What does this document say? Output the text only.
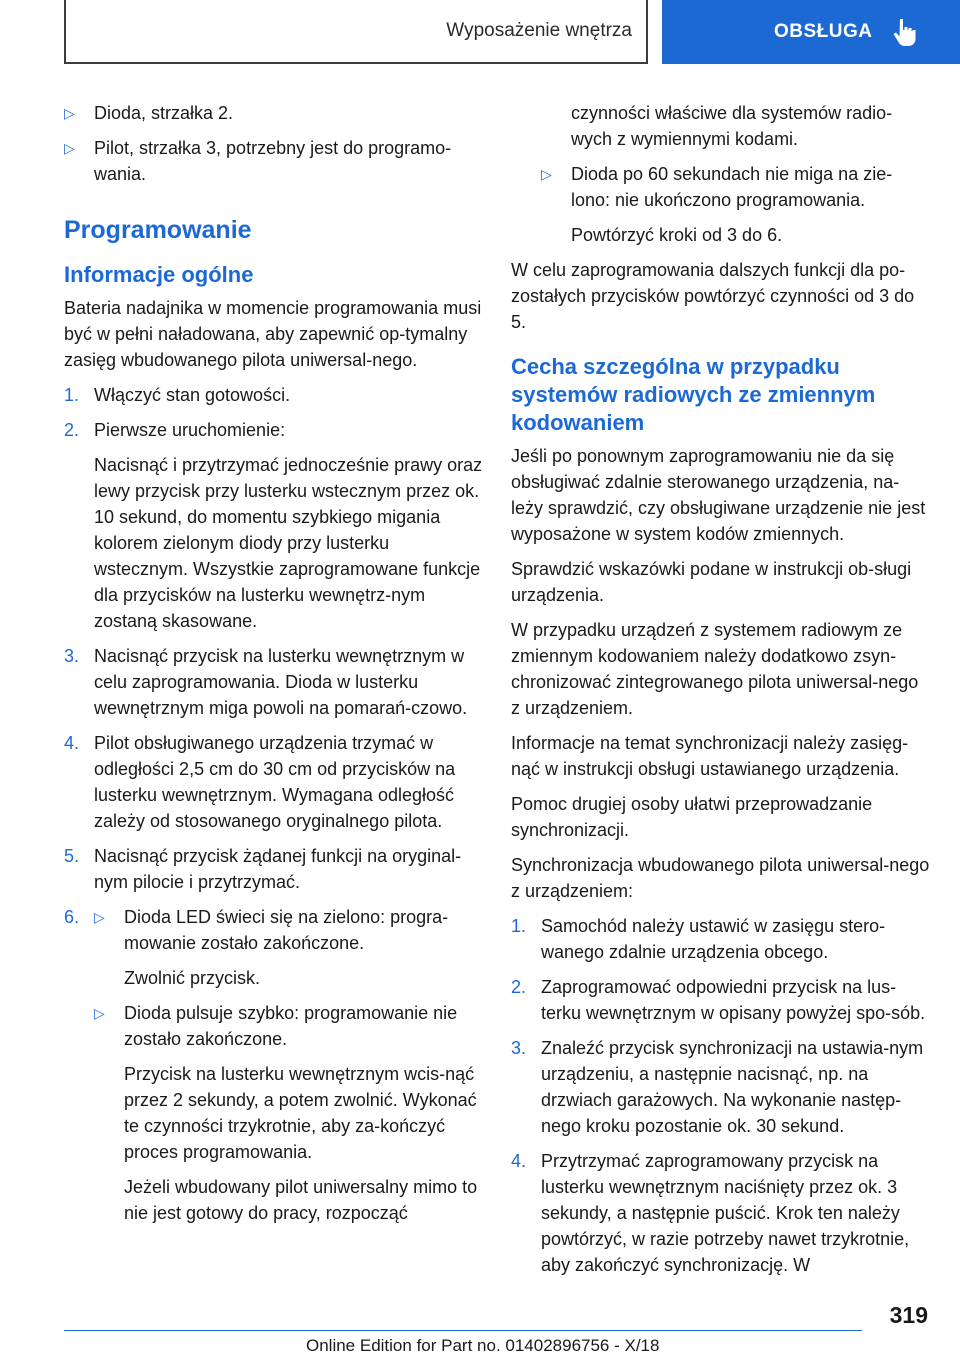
Wyposażenie wnętrza	OBSŁUGA
▷ Dioda, strzałka 2.
▷ Pilot, strzałka 3, potrzebny jest do programo-
wania.
Programowanie
Informacje ogólne

Bateria nadajnika w momencie programowania musi być w pełni naładowana, aby zapewnić op-tymalny zasięg wbudowanego pilota uniwersal-nego.

1. Włączyć stan gotowości.
2. Pierwsze uruchomienie:

Nacisnąć i przytrzymać jednocześnie prawy oraz lewy przycisk przy lusterku wstecznym przez ok. 10 sekund, do momentu szybkiego migania kolorem zielonym diody przy lusterku wstecznym. Wszystkie zaprogramowane funkcje dla przycisków na lusterku wewnętrz-nym zostaną skasowane.

3. Nacisnąć przycisk na lusterku wewnętrznym w celu zaprogramowania. Dioda w lusterku wewnętrznym miga powoli na pomarań-czowo.
4. Pilot obsługiwanego urządzenia trzymać w odległości 2,5 cm do 30 cm od przycisków na lusterku wewnętrznym. Wymagana odległość zależy od stosowanego oryginalnego pilota.
5. Nacisnąć przycisk żądanej funkcji na oryginal-nym pilocie i przytrzymać.
6. ▷ Dioda LED świeci się na zielono: progra-mowanie zostało zakończone.

Zwolnić przycisk.

▷ Dioda pulsuje szybko: programowanie nie zostało zakończone.

Przycisk na lusterku wewnętrznym wcis-nąć przez 2 sekundy, a potem zwolnić. Wykonać te czynności trzykrotnie, aby za-kończyć proces programowania.

Jeżeli wbudowany pilot uniwersalny mimo to nie jest gotowy do pracy, rozpocząć

czynności właściwe dla systemów radio-wych z wymiennymi kodami.

▷ Dioda po 60 sekundach nie miga na zie-lono: nie ukończono programowania.

Powtórzyć kroki od 3 do 6.

W celu zaprogramowania dalszych funkcji dla po-zostałych przycisków powtórzyć czynności od 3 do 5.

Cecha szczególna w przypadku systemów radiowych ze zmiennym kodowaniem

Jeśli po ponownym zaprogramowaniu nie da się obsługiwać zdalnie sterowanego urządzenia, na-leży sprawdzić, czy obsługiwane urządzenie nie jest wyposażone w system kodów zmiennych.

Sprawdzić wskazówki podane w instrukcji ob-sługi urządzenia.

W przypadku urządzeń z systemem radiowym ze zmiennym kodowaniem należy dodatkowo zsyn-chronizować zintegrowanego pilota uniwersal-nego z urządzeniem.

Informacje na temat synchronizacji należy zasięg-nąć w instrukcji obsługi ustawianego urządzenia.

Pomoc drugiej osoby ułatwi przeprowadzanie synchronizacji.

Synchronizacja wbudowanego pilota uniwersal-nego z urządzeniem:

1. Samochód należy ustawić w zasięgu stero-wanego zdalnie urządzenia obcego.
2. Zaprogramować odpowiedni przycisk na lus-terku wewnętrznym w opisany powyżej spo-sób.
3. Znaleźć przycisk synchronizacji na ustawia-nym urządzeniu, a następnie nacisnąć, np. na drzwiach garażowych. Na wykonanie następ-nego kroku pozostanie ok. 30 sekund.
4. Przytrzymać zaprogramowany przycisk na lusterku wewnętrznym naciśnięty przez ok. 3 sekundy, a następnie puścić. Krok ten należy powtórzyć, w razie potrzeby nawet trzykrotnie, aby zakończyć synchronizację. W
319
Online Edition for Part no. 01402896756 - X/18
